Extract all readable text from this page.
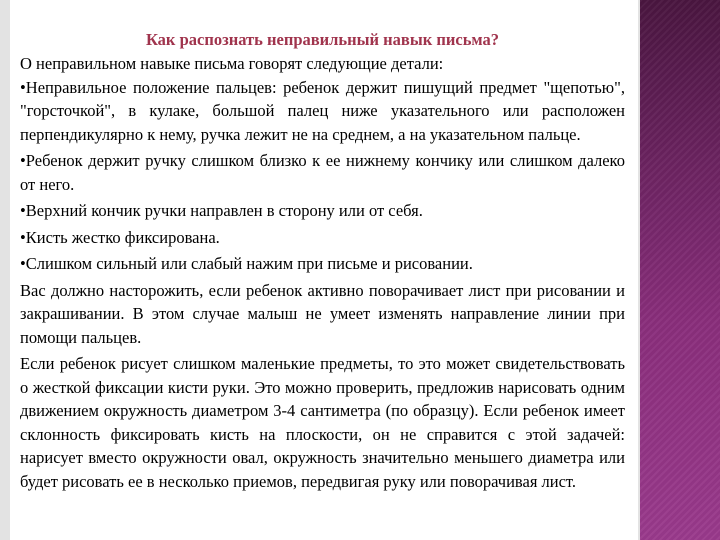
Как распознать неправильный навык письма?

О неправильном навыке письма говорят следующие детали:

•Неправильное положение пальцев: ребенок держит пишущий предмет "щепотью", "горсточкой", в кулаке, большой палец ниже указательного или расположен перпендикулярно к нему, ручка лежит не на среднем, а на указательном пальце.
•Ребенок держит ручку слишком близко к ее нижнему кончику или слишком далеко от него.
•Верхний кончик ручки направлен в сторону или от себя.
•Кисть жестко фиксирована.
•Слишком сильный или слабый нажим при письме и рисовании.

Вас должно насторожить, если ребенок активно поворачивает лист при рисовании и закрашивании. В этом случае малыш не умеет изменять направление линии при помощи пальцев.

Если ребенок рисует слишком маленькие предметы, то это может свидетельствовать о жесткой фиксации кисти руки. Это можно проверить, предложив нарисовать одним движением окружность диаметром 3-4 сантиметра (по образцу). Если ребенок имеет склонность фиксировать кисть на плоскости, он не справится с этой задачей: нарисует вместо окружности овал, окружность значительно меньшего диаметра или будет рисовать ее в несколько приемов, передвигая руку или поворачивая лист.
